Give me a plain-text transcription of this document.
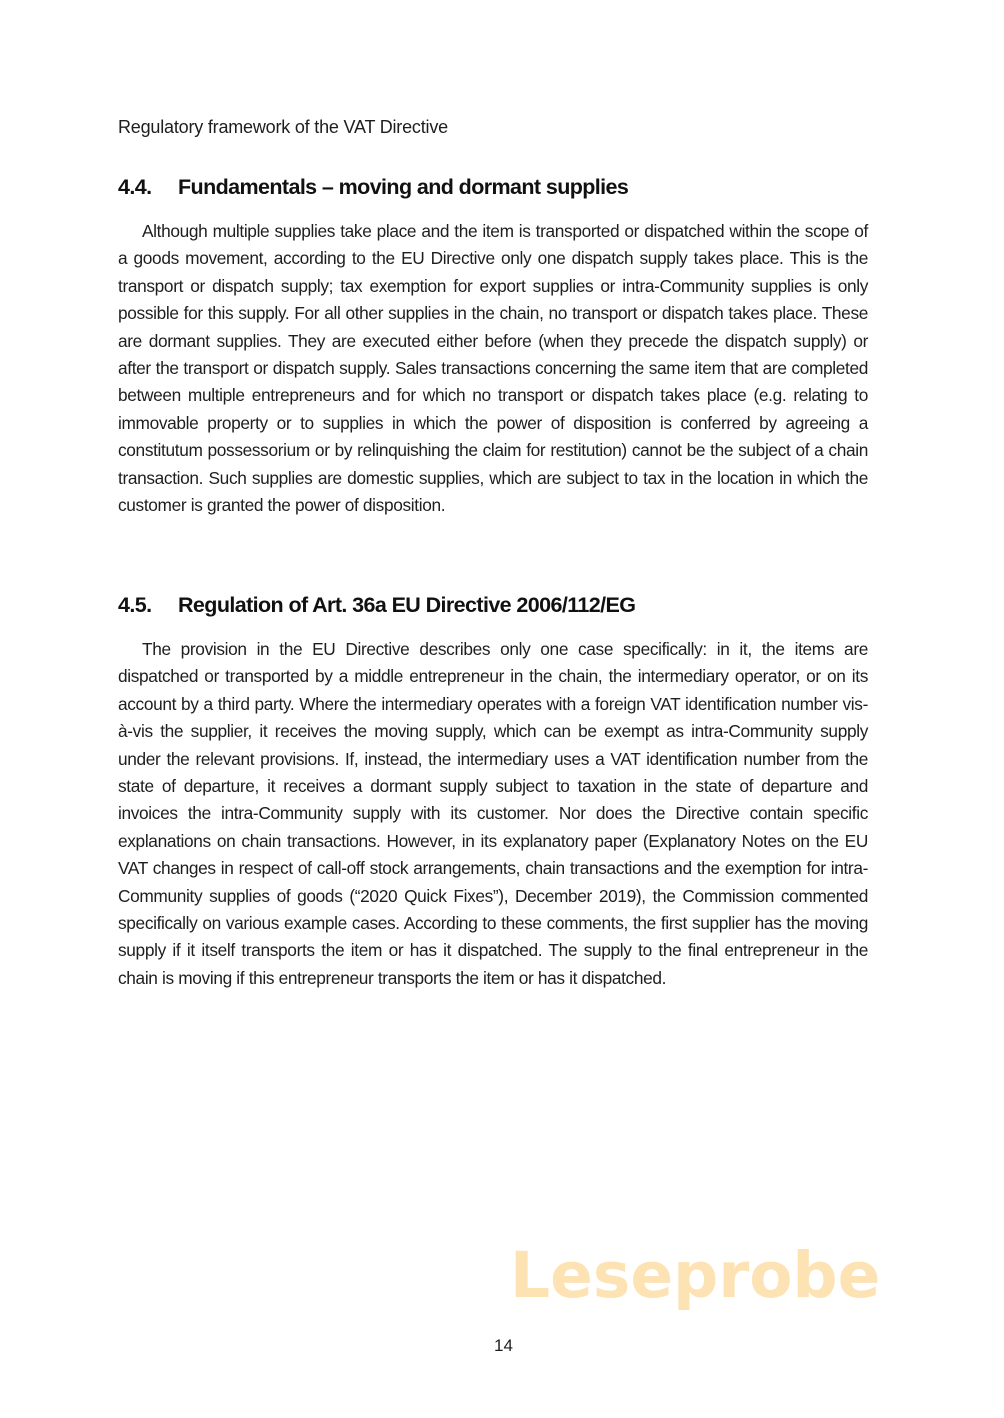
Regulatory framework of the VAT Directive
4.4. Fundamentals – moving and dormant supplies

Although multiple supplies take place and the item is transported or dispatched within the scope of a goods movement, according to the EU Directive only one dispatch supply takes place. This is the transport or dispatch supply; tax exemption for export supplies or intra-Community supplies is only possible for this supply. For all other supplies in the chain, no transport or dispatch takes place. These are dormant supplies. They are executed either before (when they precede the dispatch supply) or after the transport or dispatch supply. Sales transactions concerning the same item that are completed between multiple entrepreneurs and for which no transport or dispatch takes place (e.g. relating to immovable property or to supplies in which the power of disposition is conferred by agreeing a constitutum possessorium or by relinquishing the claim for restitution) cannot be the subject of a chain transaction. Such supplies are domestic supplies, which are subject to tax in the location in which the customer is granted the power of disposition.

4.5. Regulation of Art. 36a EU Directive 2006/112/EG

The provision in the EU Directive describes only one case specifically: in it, the items are dispatched or transported by a middle entrepreneur in the chain, the intermediary operator, or on its account by a third party. Where the intermediary operates with a foreign VAT identification number vis-à-vis the supplier, it receives the moving supply, which can be exempt as intra-Community supply under the relevant provisions. If, instead, the intermediary uses a VAT identification number from the state of departure, it receives a dormant supply subject to taxation in the state of departure and invoices the intra-Community supply with its customer. Nor does the Directive contain specific explanations on chain transactions. However, in its explanatory paper (Explanatory Notes on the EU VAT changes in respect of call-off stock arrangements, chain transactions and the exemption for intra-Community supplies of goods (“2020 Quick Fixes”), December 2019), the Commission commented specifically on various example cases. According to these comments, the first supplier has the moving supply if it itself transports the item or has it dispatched. The supply to the final entrepreneur in the chain is moving if this entrepreneur transports the item or has it dispatched.

Leseprobe
14
